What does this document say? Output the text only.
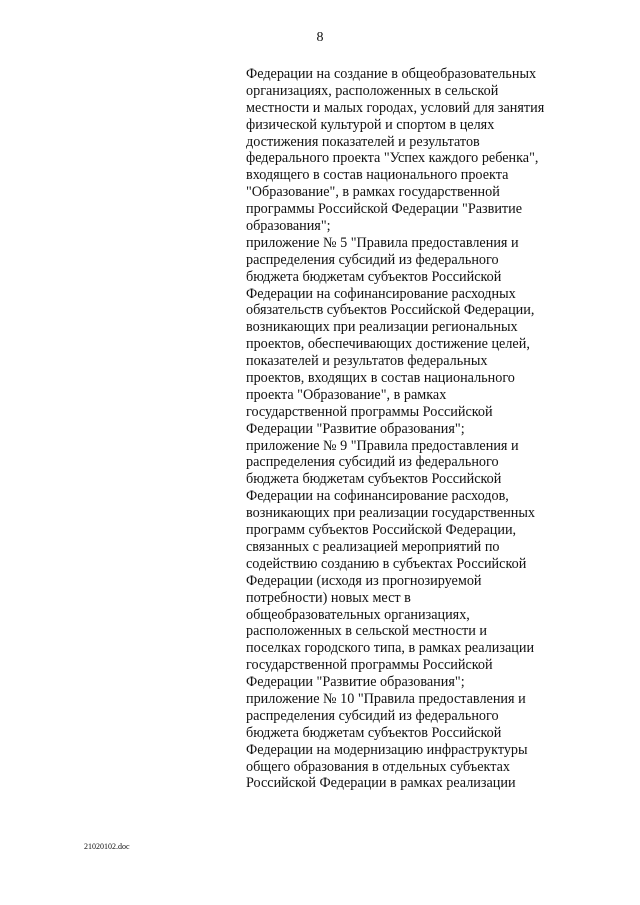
8
Федерации на создание в общеобразовательных
организациях, расположенных в сельской
местности и малых городах, условий для занятия
физической культурой и спортом в целях
достижения показателей и результатов
федерального проекта "Успех каждого ребенка",
входящего в состав национального проекта
"Образование", в рамках государственной
программы Российской Федерации "Развитие
образования";
приложение № 5 "Правила предоставления и
распределения субсидий из федерального
бюджета бюджетам субъектов Российской
Федерации на софинансирование расходных
обязательств субъектов Российской Федерации,
возникающих при реализации региональных
проектов, обеспечивающих достижение целей,
показателей и результатов федеральных
проектов, входящих в состав национального
проекта "Образование", в рамках
государственной программы Российской
Федерации "Развитие образования";
приложение № 9 "Правила предоставления и
распределения субсидий из федерального
бюджета бюджетам субъектов Российской
Федерации на софинансирование расходов,
возникающих при реализации государственных
программ субъектов Российской Федерации,
связанных с реализацией мероприятий по
содействию созданию в субъектах Российской
Федерации (исходя из прогнозируемой
потребности) новых мест в
общеобразовательных организациях,
расположенных в сельской местности и
поселках городского типа, в рамках реализации
государственной программы Российской
Федерации "Развитие образования";
приложение № 10 "Правила предоставления и
распределения субсидий из федерального
бюджета бюджетам субъектов Российской
Федерации на модернизацию инфраструктуры
общего образования в отдельных субъектах
Российской Федерации в рамках реализации
21020102.doc
